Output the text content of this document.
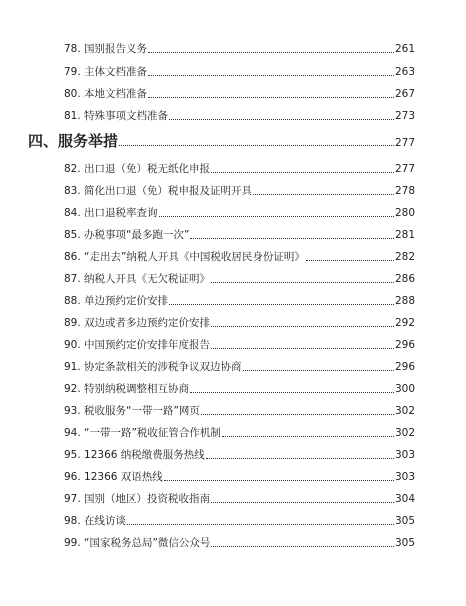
78. 国别报告义务	261
79. 主体文档准备	263
80. 本地文档准备	267
81. 特殊事项文档准备	273
四、服务举措	277
82. 出口退（免）税无纸化申报	277
83. 简化出口退（免）税申报及证明开具	278
84. 出口退税率查询	280
85. 办税事项“最多跑一次”	281
86. “走出去”纳税人开具《中国税收居民身份证明》	282
87. 纳税人开具《无欠税证明》	286
88. 单边预约定价安排	288
89. 双边或者多边预约定价安排	292
90. 中国预约定价安排年度报告	296
91. 协定条款相关的涉税争议双边协商	296
92. 特别纳税调整相互协商	300
93. 税收服务“一带一路”网页	302
94. “一带一路”税收征管合作机制	302
95. 12366 纳税缴费服务热线	303
96. 12366 双语热线	303
97. 国别（地区）投资税收指南	304
98. 在线访谈	305
99. “国家税务总局”微信公众号	305
